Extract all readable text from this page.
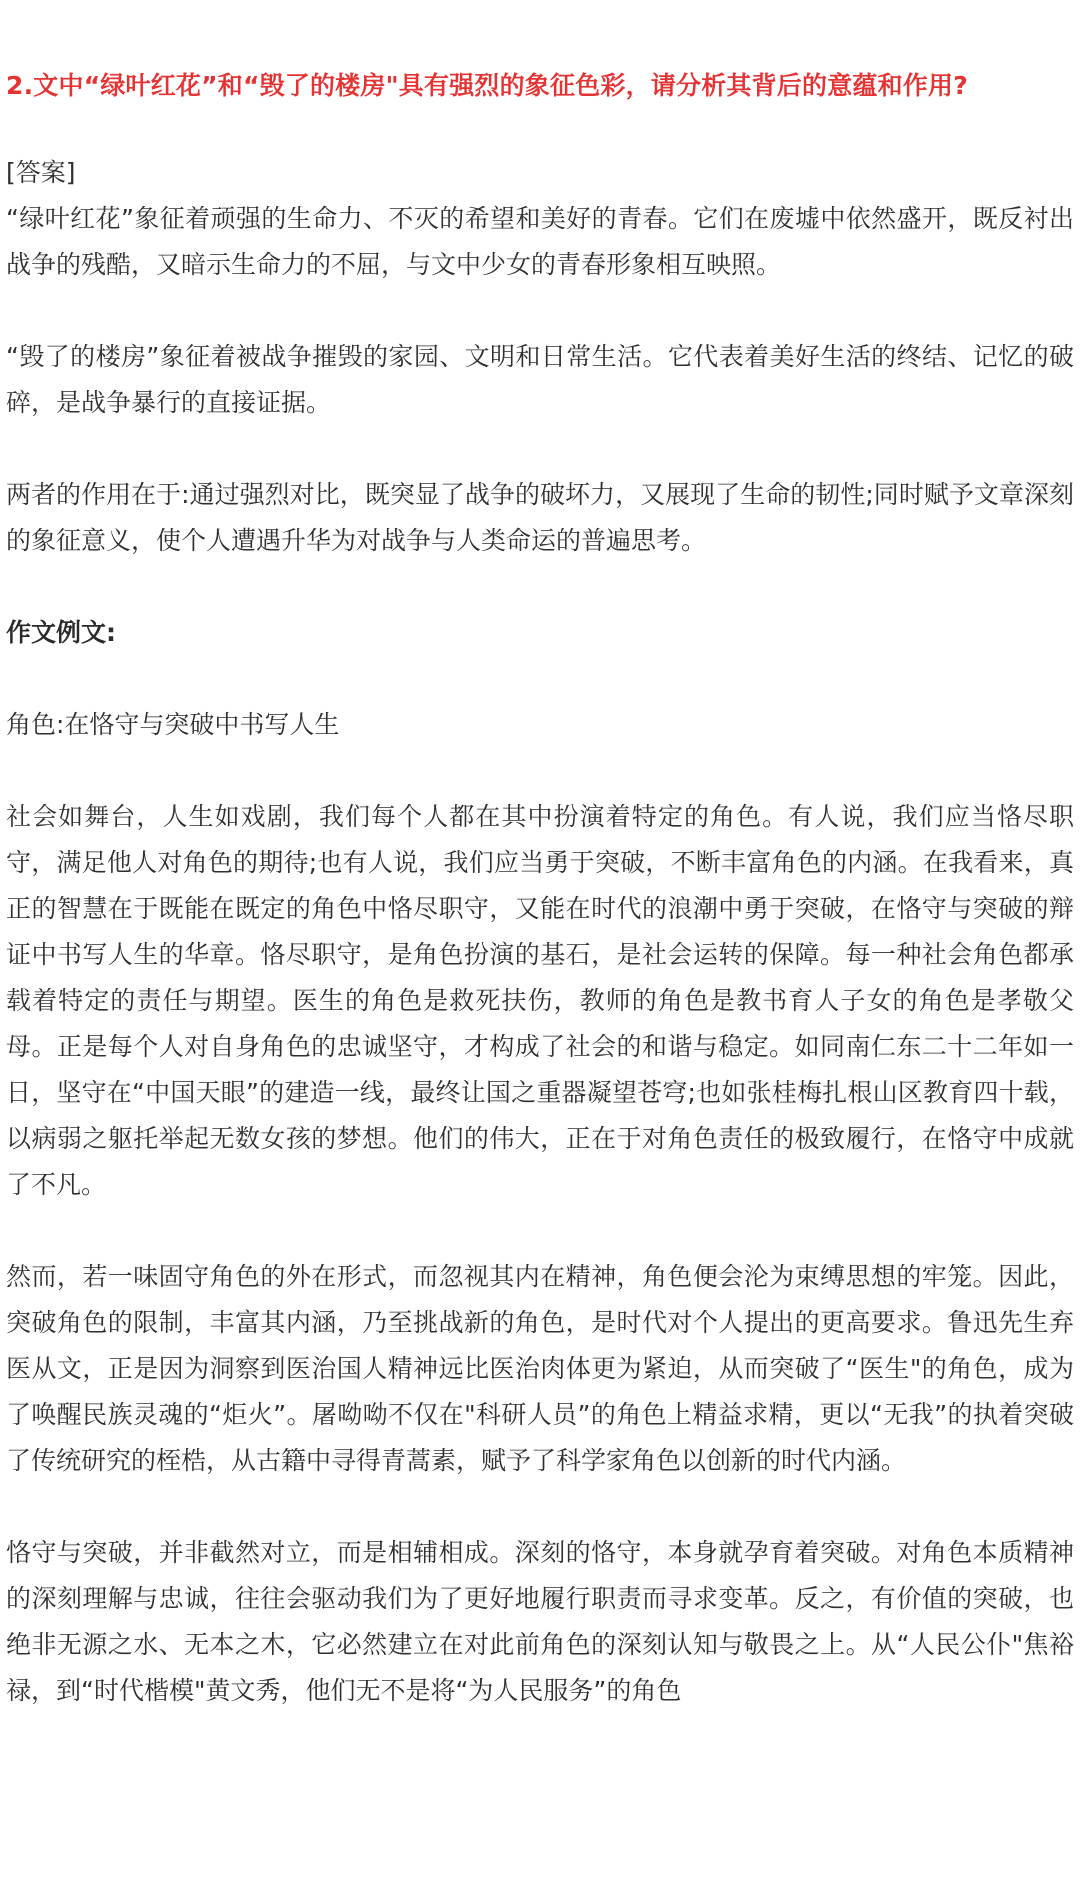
2.文中“绿叶红花”和“毁了的楼房"具有强烈的象征色彩，请分析其背后的意蕴和作用?

[答案]

“绿叶红花”象征着顽强的生命力、不灭的希望和美好的青春。它们在废墟中依然盛开，既反衬出战争的残酷，又暗示生命力的不屈，与文中少女的青春形象相互映照。

“毁了的楼房”象征着被战争摧毁的家园、文明和日常生活。它代表着美好生活的终结、记忆的破碎，是战争暴行的直接证据。

两者的作用在于:通过强烈对比，既突显了战争的破坏力，又展现了生命的韧性;同时赋予文章深刻的象征意义，使个人遭遇升华为对战争与人类命运的普遍思考。

作文例文:

角色:在恪守与突破中书写人生

社会如舞台，人生如戏剧，我们每个人都在其中扮演着特定的角色。有人说，我们应当恪尽职守，满足他人对角色的期待;也有人说，我们应当勇于突破，不断丰富角色的内涵。在我看来，真正的智慧在于既能在既定的角色中恪尽职守，又能在时代的浪潮中勇于突破，在恪守与突破的辩证中书写人生的华章。恪尽职守，是角色扮演的基石，是社会运转的保障。每一种社会角色都承载着特定的责任与期望。医生的角色是救死扶伤，教师的角色是教书育人子女的角色是孝敬父母。正是每个人对自身角色的忠诚坚守，才构成了社会的和谐与稳定。如同南仁东二十二年如一日，坚守在“中国天眼”的建造一线，最终让国之重器凝望苍穹;也如张桂梅扎根山区教育四十载，以病弱之躯托举起无数女孩的梦想。他们的伟大，正在于对角色责任的极致履行，在恪守中成就了不凡。

然而，若一味固守角色的外在形式，而忽视其内在精神，角色便会沦为束缚思想的牢笼。因此，突破角色的限制，丰富其内涵，乃至挑战新的角色，是时代对个人提出的更高要求。鲁迅先生弃医从文，正是因为洞察到医治国人精神远比医治肉体更为紧迫，从而突破了“医生"的角色，成为了唤醒民族灵魂的“炬火”。屠呦呦不仅在"科研人员”的角色上精益求精，更以“无我”的执着突破了传统研究的桎梏，从古籍中寻得青蒿素，赋予了科学家角色以创新的时代内涵。

恪守与突破，并非截然对立，而是相辅相成。深刻的恪守，本身就孕育着突破。对角色本质精神的深刻理解与忠诚，往往会驱动我们为了更好地履行职责而寻求变革。反之，有价值的突破，也绝非无源之水、无本之木，它必然建立在对此前角色的深刻认知与敬畏之上。从“人民公仆"焦裕禄，到“时代楷模"黄文秀，他们无不是将“为人民服务”的角色
